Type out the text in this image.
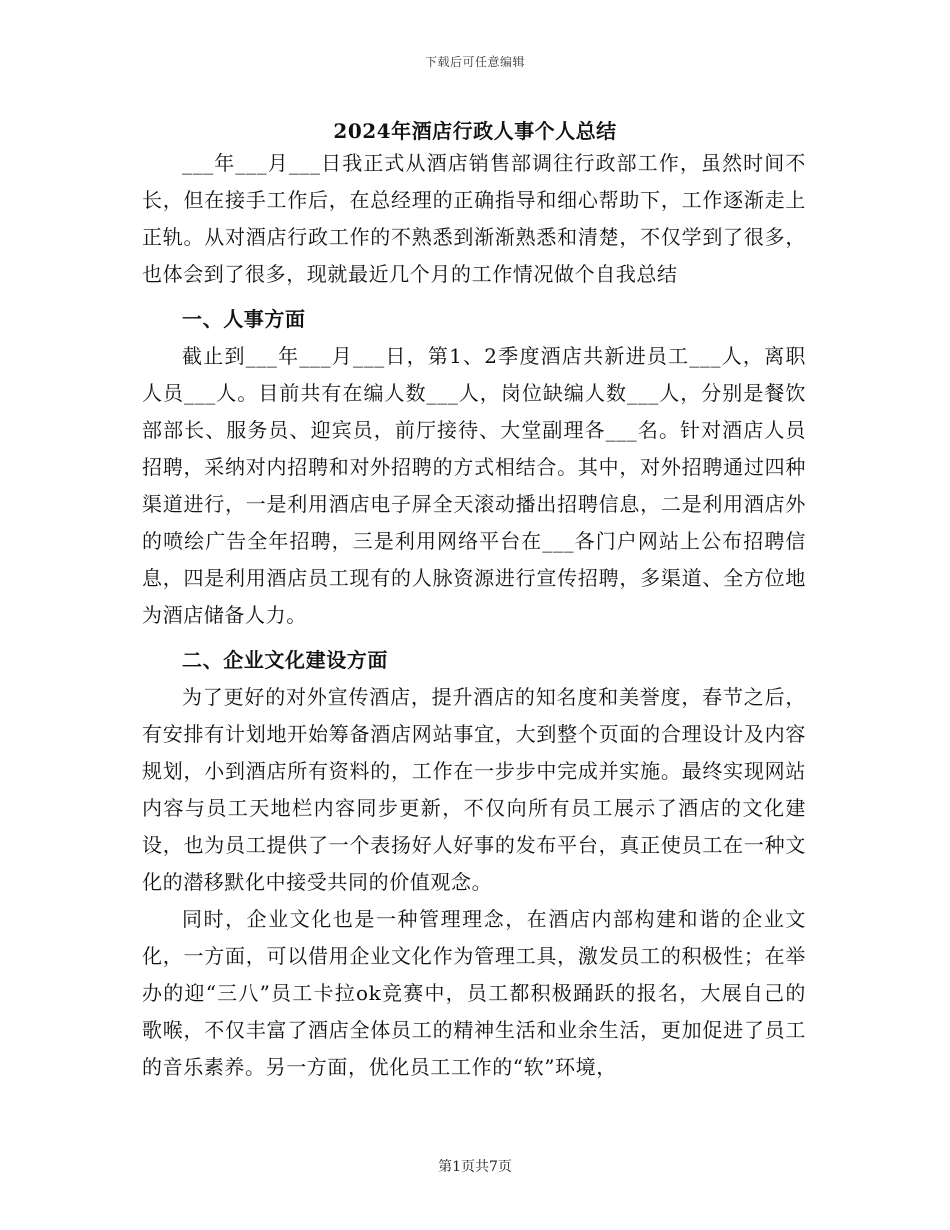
下载后可任意编辑
2024年酒店行政人事个人总结

___年___月___日我正式从酒店销售部调往行政部工作，虽然时间不长，但在接手工作后，在总经理的正确指导和细心帮助下，工作逐渐走上正轨。从对酒店行政工作的不熟悉到渐渐熟悉和清楚，不仅学到了很多，也体会到了很多，现就最近几个月的工作情况做个自我总结

一、人事方面

截止到___年___月___日，第1、2季度酒店共新进员工___人，离职人员___人。目前共有在编人数___人，岗位缺编人数___人，分别是餐饮部部长、服务员、迎宾员，前厅接待、大堂副理各___名。针对酒店人员招聘，采纳对内招聘和对外招聘的方式相结合。其中，对外招聘通过四种渠道进行，一是利用酒店电子屏全天滚动播出招聘信息，二是利用酒店外的喷绘广告全年招聘，三是利用网络平台在___各门户网站上公布招聘信息，四是利用酒店员工现有的人脉资源进行宣传招聘，多渠道、全方位地为酒店储备人力。

二、企业文化建设方面

为了更好的对外宣传酒店，提升酒店的知名度和美誉度，春节之后，有安排有计划地开始筹备酒店网站事宜，大到整个页面的合理设计及内容规划，小到酒店所有资料的，工作在一步步中完成并实施。最终实现网站内容与员工天地栏内容同步更新，不仅向所有员工展示了酒店的文化建设，也为员工提供了一个表扬好人好事的发布平台，真正使员工在一种文化的潜移默化中接受共同的价值观念。

同时，企业文化也是一种管理理念，在酒店内部构建和谐的企业文化，一方面，可以借用企业文化作为管理工具，激发员工的积极性；在举办的迎“三八”员工卡拉ok竞赛中，员工都积极踊跃的报名，大展自己的歌喉，不仅丰富了酒店全体员工的精神生活和业余生活，更加促进了员工的音乐素养。另一方面，优化员工工作的“软”环境，

第1页共7页
